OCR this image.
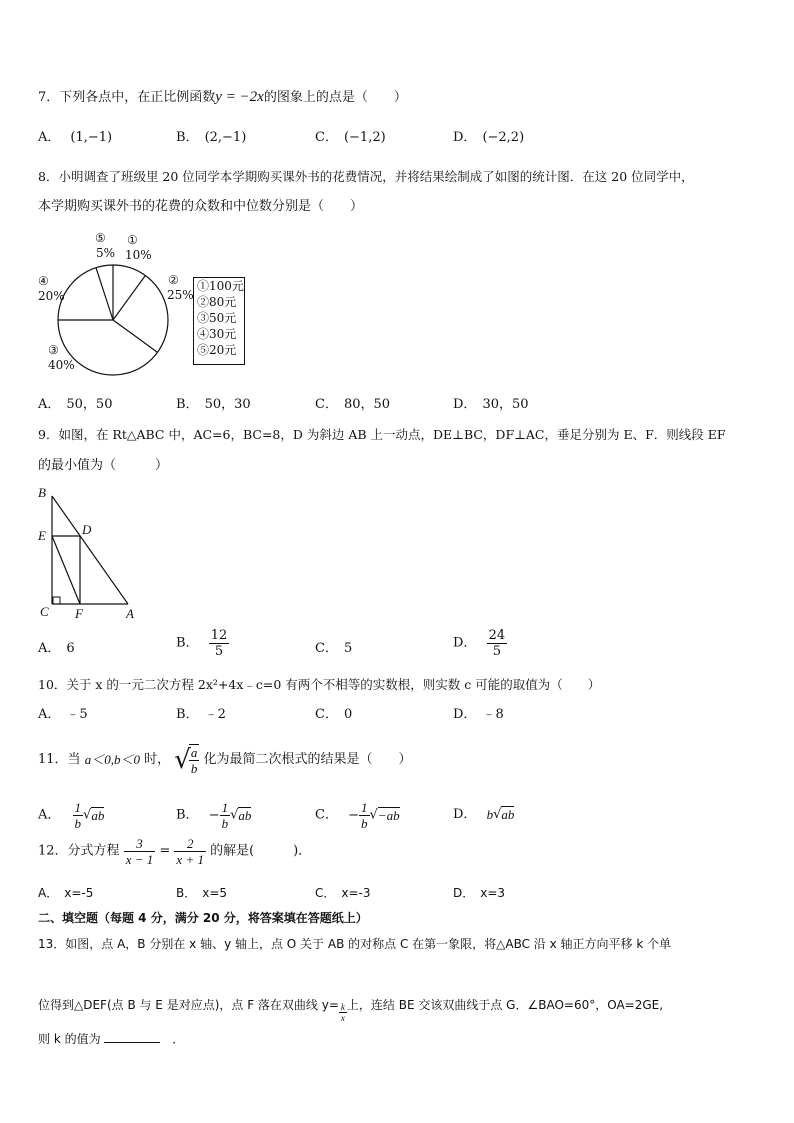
7．下列各点中，在正比例函数y = −2x的图象上的点是（　　）
A． (1,−1)	B． (2,−1)	C． (−1,2)	D． (−2,2)
8．小明调查了班级里 20 位同学本学期购买课外书的花费情况，并将结果绘制成了如图的统计图．在这 20 位同学中，
本学期购买课外书的花费的众数和中位数分别是（　　）
⑤
5%
①
10%
②
25%
④
20%
③
40%
①100元
②80元
③50元
④30元
⑤20元
A． 50，50	B． 50，30	C． 80，50	D． 30，50
9．如图，在 Rt△ABC 中，AC=6，BC=8，D 为斜边 AB 上一动点，DE⊥BC，DF⊥AC，垂足分别为 E、F．则线段 EF
的最小值为（　　　）
B
E	D
C F	A
A． 6	B． $\frac{12}{5}$	C． 5	D． $\frac{24}{5}$
10．关于 x 的一元二次方程 2x²+4x﹣c=0 有两个不相等的实数根，则实数 c 可能的取值为（　　）
A． ﹣5	B． ﹣2	C． 0	D． ﹣8
11．当 a＜0,b＜0 时， √
$\frac{a}{b}$ 化为最简二次根式的结果是（　　）
A． $\frac{1}{b} √ab$	B． − $\frac{1}{b} √ab$	C． − $\frac{1}{b} √-ab$	D． b√ab
12．分式方程 $\frac{3}{x - 1} = \frac{2}{x + 1}$ 的解是(　　　)．
A． x=-5	B． x=5	C． x=-3	D． x=3
二、填空题（每题 4 分，满分 20 分，将答案填在答题纸上）
13．如图，点 A，B 分别在 x 轴、y 轴上，点 O 关于 AB 的对称点 C 在第一象限，将△ABC 沿 x 轴正方向平移 k 个单
位得到△DEF(点 B 与 E 是对应点)，点 F 落在双曲线 $y= \frac{k}{x}$ 上，连结 BE 交该双曲线于点 G．∠BAO=60°，OA=2GE,
则 k 的值为	．
